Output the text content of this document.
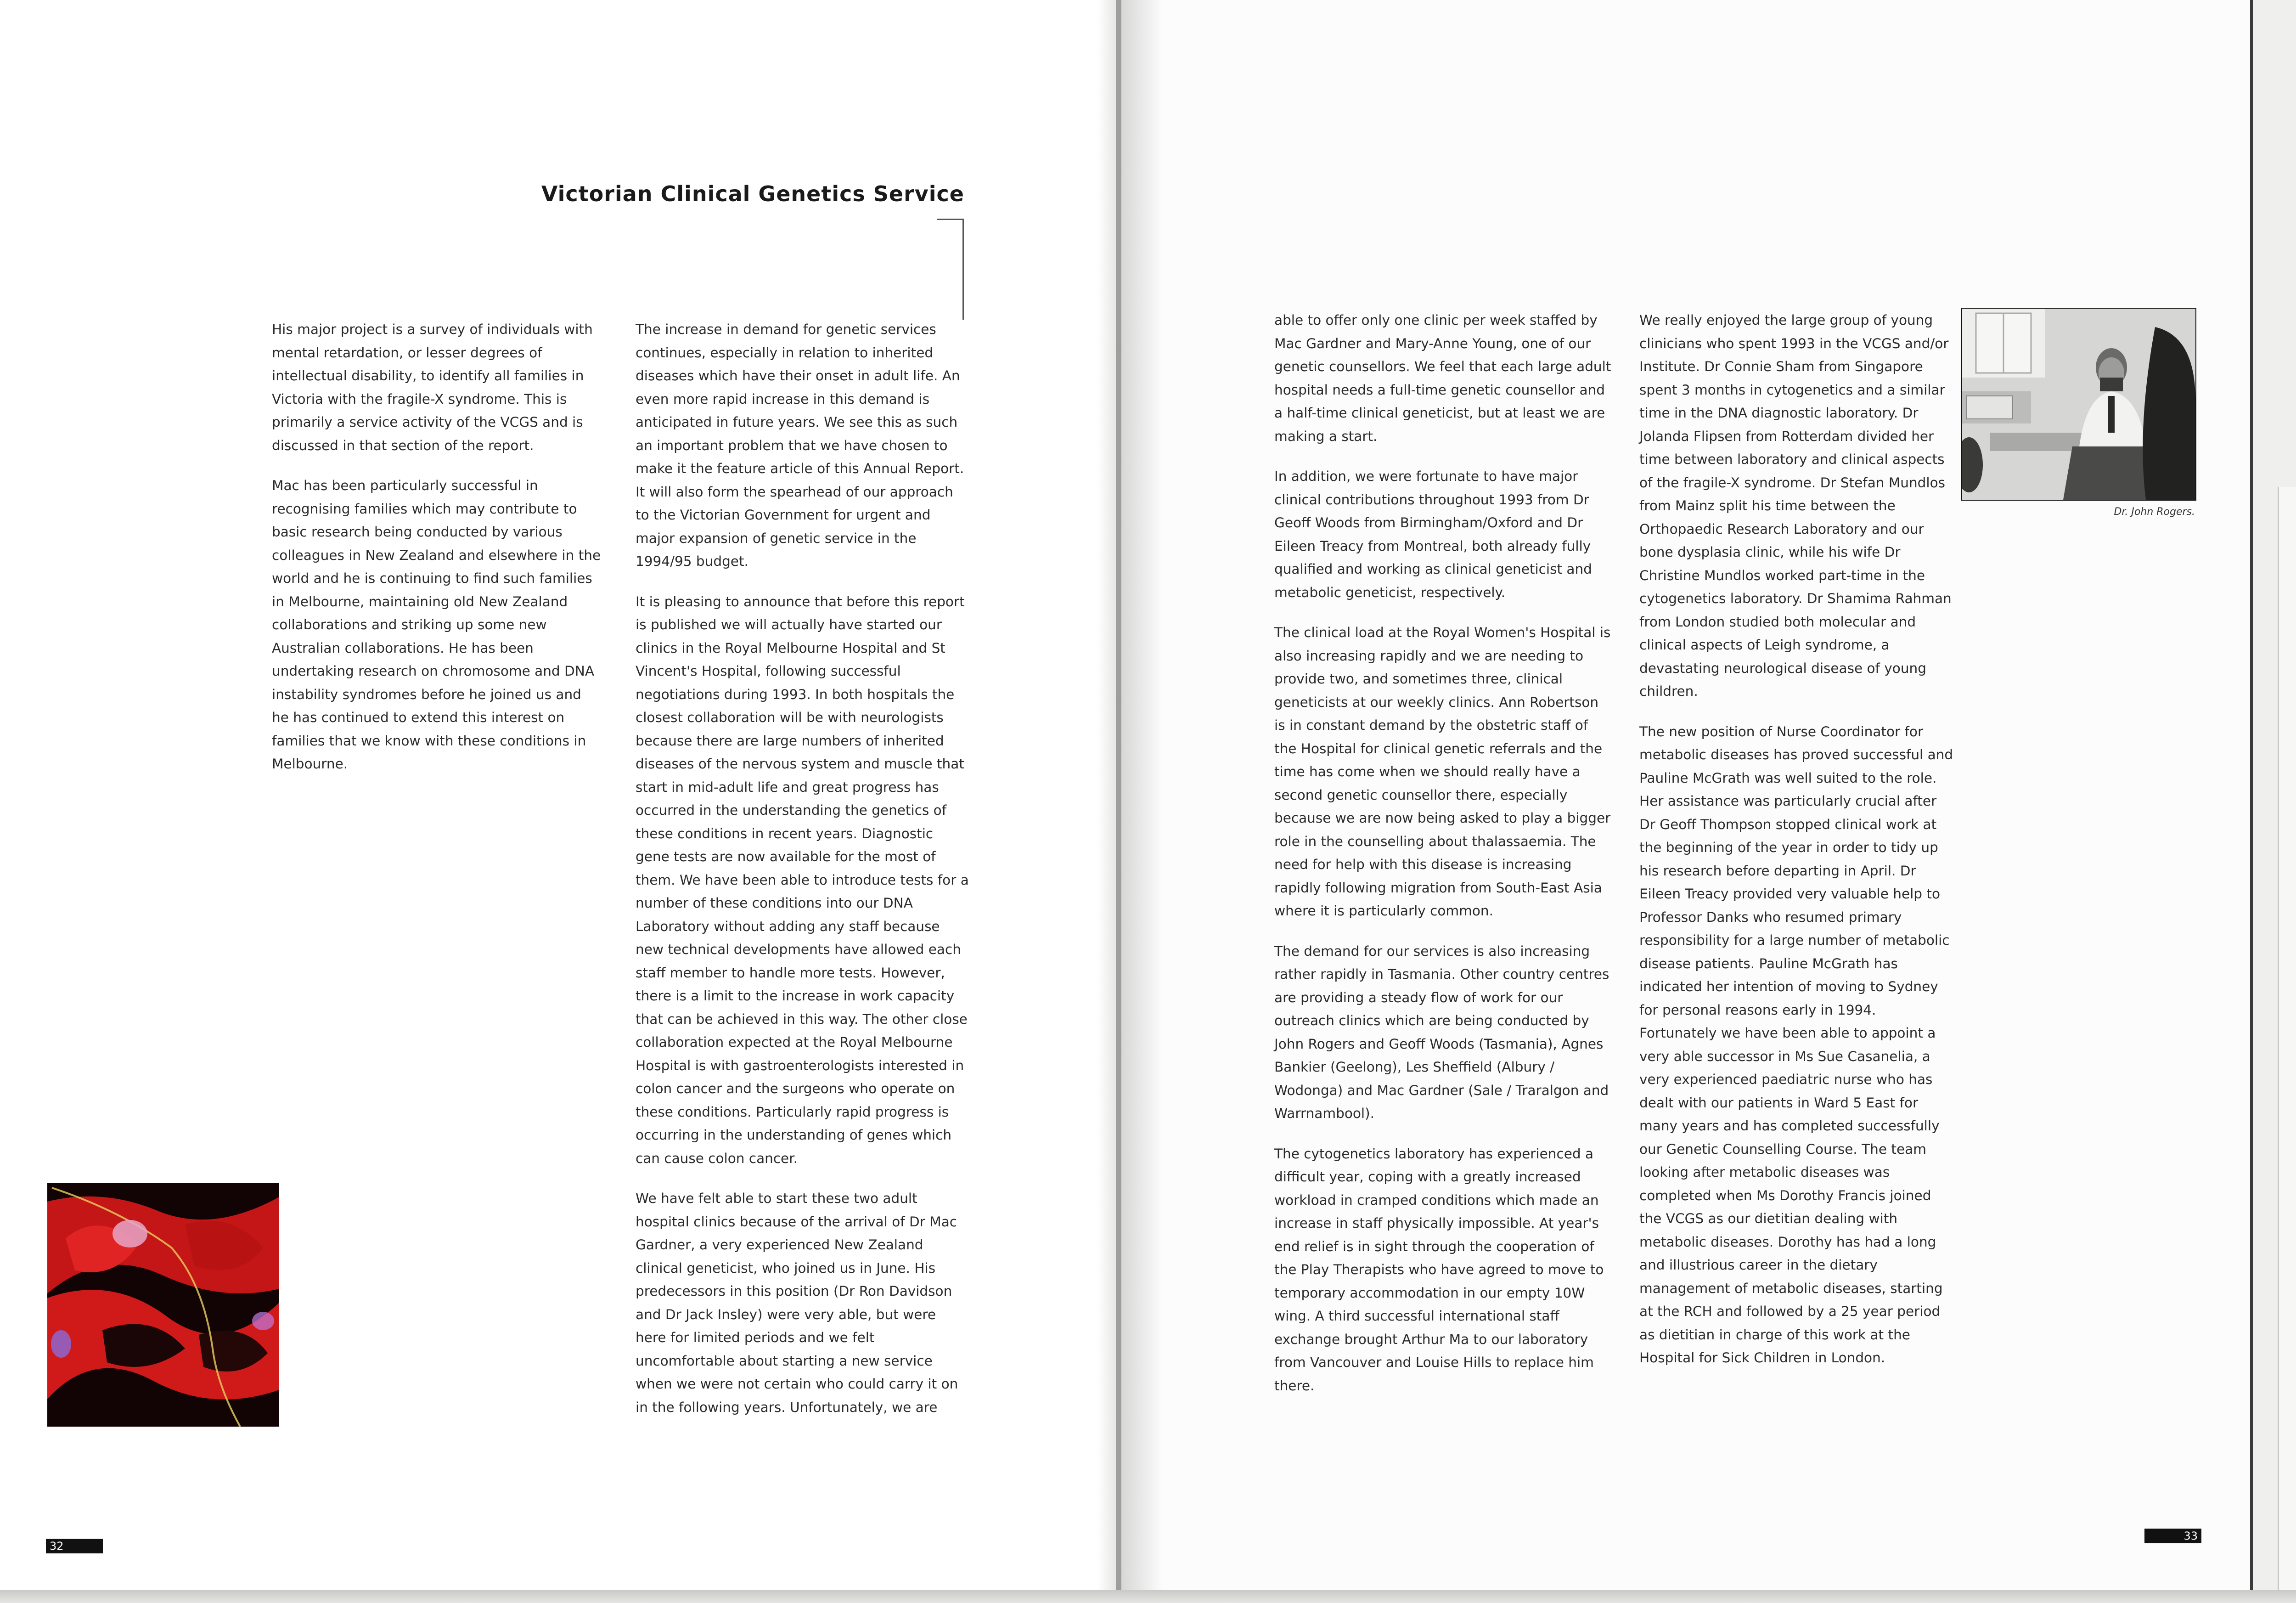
Victorian Clinical Genetics Service

His major project is a survey of individuals with mental retardation, or lesser degrees of intellectual disability, to identify all families in Victoria with the fragile-X syndrome. This is primarily a service activity of the VCGS and is discussed in that section of the report.

Mac has been particularly successful in recognising families which may contribute to basic research being conducted by various colleagues in New Zealand and elsewhere in the world and he is continuing to find such families in Melbourne, maintaining old New Zealand collaborations and striking up some new Australian collaborations. He has been undertaking research on chromosome and DNA instability syndromes before he joined us and he has continued to extend this interest on families that we know with these conditions in Melbourne.

The increase in demand for genetic services continues, especially in relation to inherited diseases which have their onset in adult life. An even more rapid increase in this demand is anticipated in future years. We see this as such an important problem that we have chosen to make it the feature article of this Annual Report. It will also form the spearhead of our approach to the Victorian Government for urgent and major expansion of genetic service in the 1994/95 budget.

It is pleasing to announce that before this report is published we will actually have started our clinics in the Royal Melbourne Hospital and St Vincent's Hospital, following successful negotiations during 1993. In both hospitals the closest collaboration will be with neurologists because there are large numbers of inherited diseases of the nervous system and muscle that start in mid-adult life and great progress has occurred in the understanding the genetics of these conditions in recent years. Diagnostic gene tests are now available for the most of them. We have been able to introduce tests for a number of these conditions into our DNA Laboratory without adding any staff because new technical developments have allowed each staff member to handle more tests. However, there is a limit to the increase in work capacity that can be achieved in this way. The other close collaboration expected at the Royal Melbourne Hospital is with gastroenterologists interested in colon cancer and the surgeons who operate on these conditions. Particularly rapid progress is occurring in the understanding of genes which can cause colon cancer.

We have felt able to start these two adult hospital clinics because of the arrival of Dr Mac Gardner, a very experienced New Zealand clinical geneticist, who joined us in June. His predecessors in this position (Dr Ron Davidson and Dr Jack Insley) were very able, but were here for limited periods and we felt uncomfortable about starting a new service when we were not certain who could carry it on in the following years. Unfortunately, we are

32

able to offer only one clinic per week staffed by Mac Gardner and Mary-Anne Young, one of our genetic counsellors. We feel that each large adult hospital needs a full-time genetic counsellor and a half-time clinical geneticist, but at least we are making a start.

In addition, we were fortunate to have major clinical contributions throughout 1993 from Dr Geoff Woods from Birmingham/Oxford and Dr Eileen Treacy from Montreal, both already fully qualified and working as clinical geneticist and metabolic geneticist, respectively.

The clinical load at the Royal Women's Hospital is also increasing rapidly and we are needing to provide two, and sometimes three, clinical geneticists at our weekly clinics. Ann Robertson is in constant demand by the obstetric staff of the Hospital for clinical genetic referrals and the time has come when we should really have a second genetic counsellor there, especially because we are now being asked to play a bigger role in the counselling about thalassaemia. The need for help with this disease is increasing rapidly following migration from South-East Asia where it is particularly common.

The demand for our services is also increasing rather rapidly in Tasmania. Other country centres are providing a steady flow of work for our outreach clinics which are being conducted by John Rogers and Geoff Woods (Tasmania), Agnes Bankier (Geelong), Les Sheffield (Albury / Wodonga) and Mac Gardner (Sale / Traralgon and Warrnambool).

The cytogenetics laboratory has experienced a difficult year, coping with a greatly increased workload in cramped conditions which made an increase in staff physically impossible. At year's end relief is in sight through the cooperation of the Play Therapists who have agreed to move to temporary accommodation in our empty 10W wing. A third successful international staff exchange brought Arthur Ma to our laboratory from Vancouver and Louise Hills to replace him there.

We really enjoyed the large group of young clinicians who spent 1993 in the VCGS and/or Institute. Dr Connie Sham from Singapore spent 3 months in cytogenetics and a similar time in the DNA diagnostic laboratory. Dr Jolanda Flipsen from Rotterdam divided her time between laboratory and clinical aspects of the fragile-X syndrome. Dr Stefan Mundlos from Mainz split his time between the Orthopaedic Research Laboratory and our bone dysplasia clinic, while his wife Dr Christine Mundlos worked part-time in the cytogenetics laboratory. Dr Shamima Rahman from London studied both molecular and clinical aspects of Leigh syndrome, a devastating neurological disease of young children.

The new position of Nurse Coordinator for metabolic diseases has proved successful and Pauline McGrath was well suited to the role. Her assistance was particularly crucial after Dr Geoff Thompson stopped clinical work at the beginning of the year in order to tidy up his research before departing in April. Dr Eileen Treacy provided very valuable help to Professor Danks who resumed primary responsibility for a large number of metabolic disease patients. Pauline McGrath has indicated her intention of moving to Sydney for personal reasons early in 1994. Fortunately we have been able to appoint a very able successor in Ms Sue Casanelia, a very experienced paediatric nurse who has dealt with our patients in Ward 5 East for many years and has completed successfully our Genetic Counselling Course. The team looking after metabolic diseases was completed when Ms Dorothy Francis joined the VCGS as our dietitian dealing with metabolic diseases. Dorothy has had a long and illustrious career in the dietary management of metabolic diseases, starting at the RCH and followed by a 25 year period as dietitian in charge of this work at the Hospital for Sick Children in London.

Dr. John Rogers.
33
